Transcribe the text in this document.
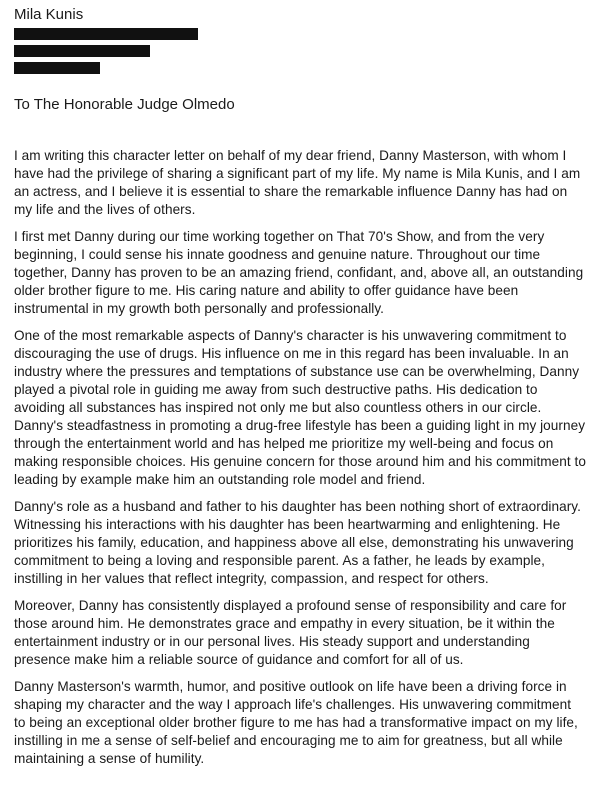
Mila Kunis
To The Honorable Judge Olmedo

I am writing this character letter on behalf of my dear friend, Danny Masterson, with whom I have had the privilege of sharing a significant part of my life. My name is Mila Kunis, and I am an actress, and I believe it is essential to share the remarkable influence Danny has had on my life and the lives of others.

I first met Danny during our time working together on That 70's Show, and from the very beginning, I could sense his innate goodness and genuine nature. Throughout our time together, Danny has proven to be an amazing friend, confidant, and, above all, an outstanding older brother figure to me. His caring nature and ability to offer guidance have been instrumental in my growth both personally and professionally.

One of the most remarkable aspects of Danny's character is his unwavering commitment to discouraging the use of drugs. His influence on me in this regard has been invaluable. In an industry where the pressures and temptations of substance use can be overwhelming, Danny played a pivotal role in guiding me away from such destructive paths. His dedication to avoiding all substances has inspired not only me but also countless others in our circle. Danny's steadfastness in promoting a drug-free lifestyle has been a guiding light in my journey through the entertainment world and has helped me prioritize my well-being and focus on making responsible choices. His genuine concern for those around him and his commitment to leading by example make him an outstanding role model and friend.

Danny's role as a husband and father to his daughter has been nothing short of extraordinary. Witnessing his interactions with his daughter has been heartwarming and enlightening. He prioritizes his family, education, and happiness above all else, demonstrating his unwavering commitment to being a loving and responsible parent. As a father, he leads by example, instilling in her values that reflect integrity, compassion, and respect for others.

Moreover, Danny has consistently displayed a profound sense of responsibility and care for those around him. He demonstrates grace and empathy in every situation, be it within the entertainment industry or in our personal lives. His steady support and understanding presence make him a reliable source of guidance and comfort for all of us.

Danny Masterson's warmth, humor, and positive outlook on life have been a driving force in shaping my character and the way I approach life's challenges. His unwavering commitment to being an exceptional older brother figure to me has had a transformative impact on my life, instilling in me a sense of self-belief and encouraging me to aim for greatness, but all while maintaining a sense of humility.
